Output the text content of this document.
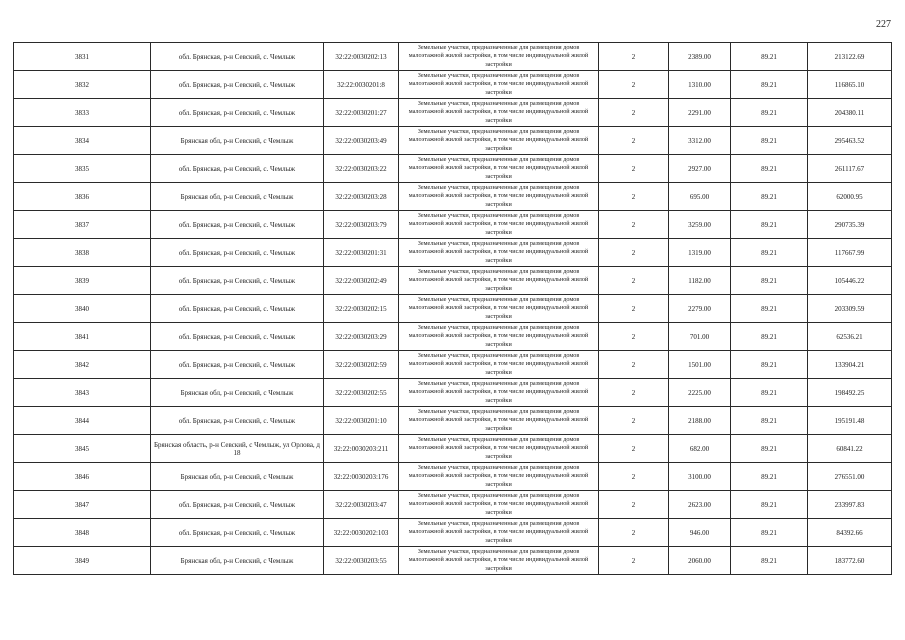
227
3831	обл. Брянская, р-н Севский, с. Чемлыж	32:22:0030202:13	Земельные участки, предназначенные для размещения домов малоэтажной жилой застройки, в том числе индивидуальной жилой застройки	2	2389.00	89.21	213122.69
3832	обл. Брянская, р-н Севский, с. Чемлыж	32:22:0030201:8	Земельные участки, предназначенные для размещения домов малоэтажной жилой застройки, в том числе индивидуальной жилой застройки	2	1310.00	89.21	116865.10
3833	обл. Брянская, р-н Севский, с. Чемлыж	32:22:0030201:27	Земельные участки, предназначенные для размещения домов малоэтажной жилой застройки, в том числе индивидуальной жилой застройки	2	2291.00	89.21	204380.11
3834	Брянская обл, р-н Севский, с Чемлыж	32:22:0030203:49	Земельные участки, предназначенные для размещения домов малоэтажной жилой застройки, в том числе индивидуальной жилой застройки	2	3312.00	89.21	295463.52
3835	обл. Брянская, р-н Севский, с. Чемлыж	32:22:0030203:22	Земельные участки, предназначенные для размещения домов малоэтажной жилой застройки, в том числе индивидуальной жилой застройки	2	2927.00	89.21	261117.67
3836	Брянская обл, р-н Севский, с Чемлыж	32:22:0030203:28	Земельные участки, предназначенные для размещения домов малоэтажной жилой застройки, в том числе индивидуальной жилой застройки	2	695.00	89.21	62000.95
3837	обл. Брянская, р-н Севский, с. Чемлыж	32:22:0030203:79	Земельные участки, предназначенные для размещения домов малоэтажной жилой застройки, в том числе индивидуальной жилой застройки	2	3259.00	89.21	290735.39
3838	обл. Брянская, р-н Севский, с. Чемлыж	32:22:0030201:31	Земельные участки, предназначенные для размещения домов малоэтажной жилой застройки, в том числе индивидуальной жилой застройки	2	1319.00	89.21	117667.99
3839	обл. Брянская, р-н Севский, с. Чемлыж	32:22:0030202:49	Земельные участки, предназначенные для размещения домов малоэтажной жилой застройки, в том числе индивидуальной жилой застройки	2	1182.00	89.21	105446.22
3840	обл. Брянская, р-н Севский, с. Чемлыж	32:22:0030202:15	Земельные участки, предназначенные для размещения домов малоэтажной жилой застройки, в том числе индивидуальной жилой застройки	2	2279.00	89.21	203309.59
3841	обл. Брянская, р-н Севский, с. Чемлыж	32:22:0030203:29	Земельные участки, предназначенные для размещения домов малоэтажной жилой застройки, в том числе индивидуальной жилой застройки	2	701.00	89.21	62536.21
3842	обл. Брянская, р-н Севский, с. Чемлыж	32:22:0030202:59	Земельные участки, предназначенные для размещения домов малоэтажной жилой застройки, в том числе индивидуальной жилой застройки	2	1501.00	89.21	133904.21
3843	Брянская обл, р-н Севский, с Чемлыж	32:22:0030202:55	Земельные участки, предназначенные для размещения домов малоэтажной жилой застройки, в том числе индивидуальной жилой застройки	2	2225.00	89.21	198492.25
3844	обл. Брянская, р-н Севский, с. Чемлыж	32:22:0030201:10	Земельные участки, предназначенные для размещения домов малоэтажной жилой застройки, в том числе индивидуальной жилой застройки	2	2188.00	89.21	195191.48
3845	Брянская область, р-н Севский, с Чемлыж, ул Орлова, д 18	32:22:0030203:211	Земельные участки, предназначенные для размещения домов малоэтажной жилой застройки, в том числе индивидуальной жилой застройки	2	682.00	89.21	60841.22
3846	Брянская обл, р-н Севский, с Чемлыж	32:22:0030203:176	Земельные участки, предназначенные для размещения домов малоэтажной жилой застройки, в том числе индивидуальной жилой застройки	2	3100.00	89.21	276551.00
3847	обл. Брянская, р-н Севский, с. Чемлыж	32:22:0030203:47	Земельные участки, предназначенные для размещения домов малоэтажной жилой застройки, в том числе индивидуальной жилой застройки	2	2623.00	89.21	233997.83
3848	обл. Брянская, р-н Севский, с. Чемлыж	32:22:0030202:103	Земельные участки, предназначенные для размещения домов малоэтажной жилой застройки, в том числе индивидуальной жилой застройки	2	946.00	89.21	84392.66
3849	Брянская обл, р-н Севский, с Чемлыж	32:22:0030203:55	Земельные участки, предназначенные для размещения домов малоэтажной жилой застройки, в том числе индивидуальной жилой застройки	2	2060.00	89.21	183772.60
